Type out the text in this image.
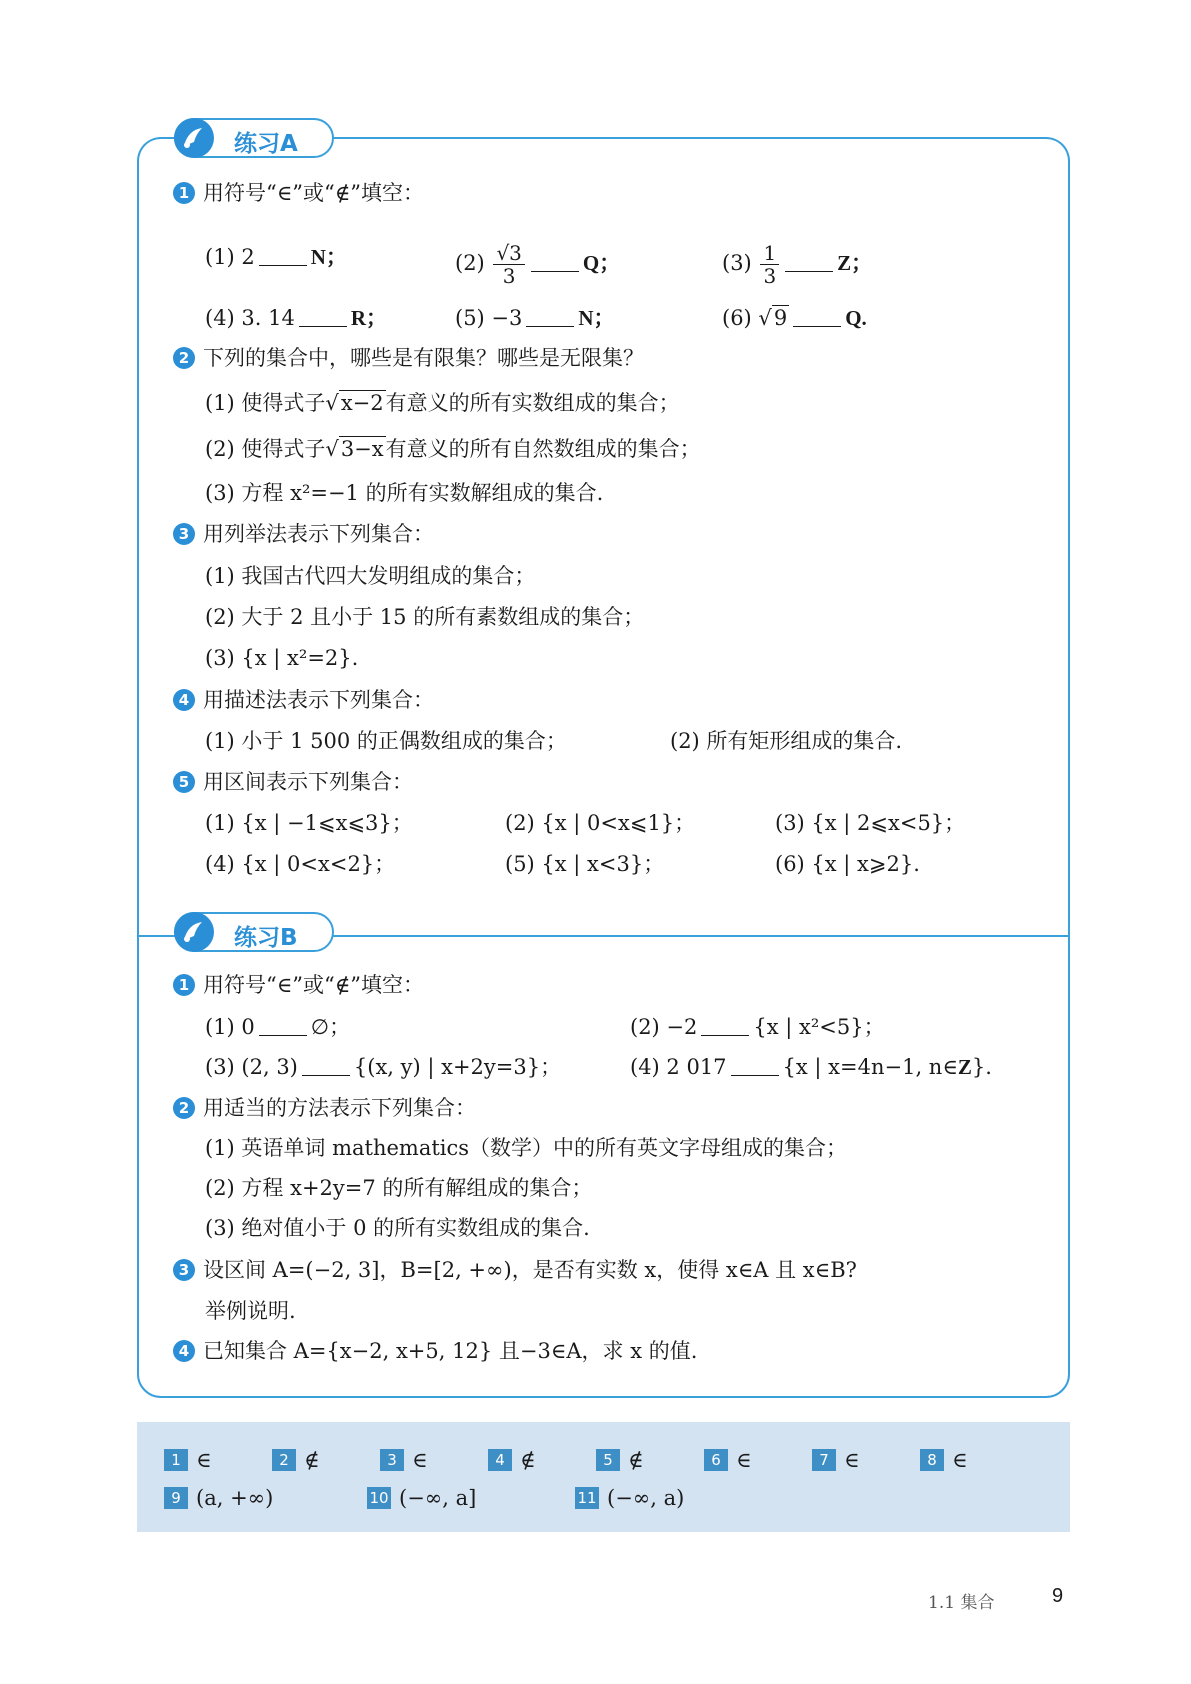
练习A
1 用符号“∈”或“∉”填空：
(1) 2	N；	$(2) \frac{√3}{3}$	Q；	$(3) \frac{1}{3}$	Z；
(4) 3. 14	R；	(5) −3	N；	(6) √9	Q.
2 下列的集合中，哪些是有限集？哪些是无限集？
(1) 使得式子√x−2有意义的所有实数组成的集合；
(2) 使得式子√3−x有意义的所有自然数组成的集合；
(3) 方程 x²=−1 的所有实数解组成的集合.
3 用列举法表示下列集合：
(1) 我国古代四大发明组成的集合；
(2) 大于 2 且小于 15 的所有素数组成的集合；
(3) {x | x²=2}.
4 用描述法表示下列集合：
(1) 小于 1 500 的正偶数组成的集合；	(2) 所有矩形组成的集合.
5 用区间表示下列集合：
(1) {x | −1⩽x⩽3}；	(2) {x | 0<x⩽1}；	(3) {x | 2⩽x<5}；
(4) {x | 0<x<2}；	(5) {x | x<3}；	(6) {x | x⩾2}.
练习B
1 用符号“∈”或“∉”填空：
(1) 0	∅；	(2) −2	{x | x²<5}；
(3) (2, 3)	{(x, y) | x+2y=3}；	(4) 2 017	{x | x=4n−1, n∈Z}.
2 用适当的方法表示下列集合：
(1) 英语单词 mathematics（数学）中的所有英文字母组成的集合；
(2) 方程 x+2y=7 的所有解组成的集合；
(3) 绝对值小于 0 的所有实数组成的集合.
3 设区间 A=(−2, 3]，B=[2, +∞)，是否有实数 x，使得 x∈A 且 x∈B?
举例说明.
4 已知集合 A={x−2, x+5, 12} 且−3∈A，求 x 的值.
1 ∈	2 ∉	3 ∈	4 ∉	5 ∉	6 ∈	7 ∈	8 ∈
9 (a, +∞)	10 (−∞, a]	11 (−∞, a)
1.1 集合	9
